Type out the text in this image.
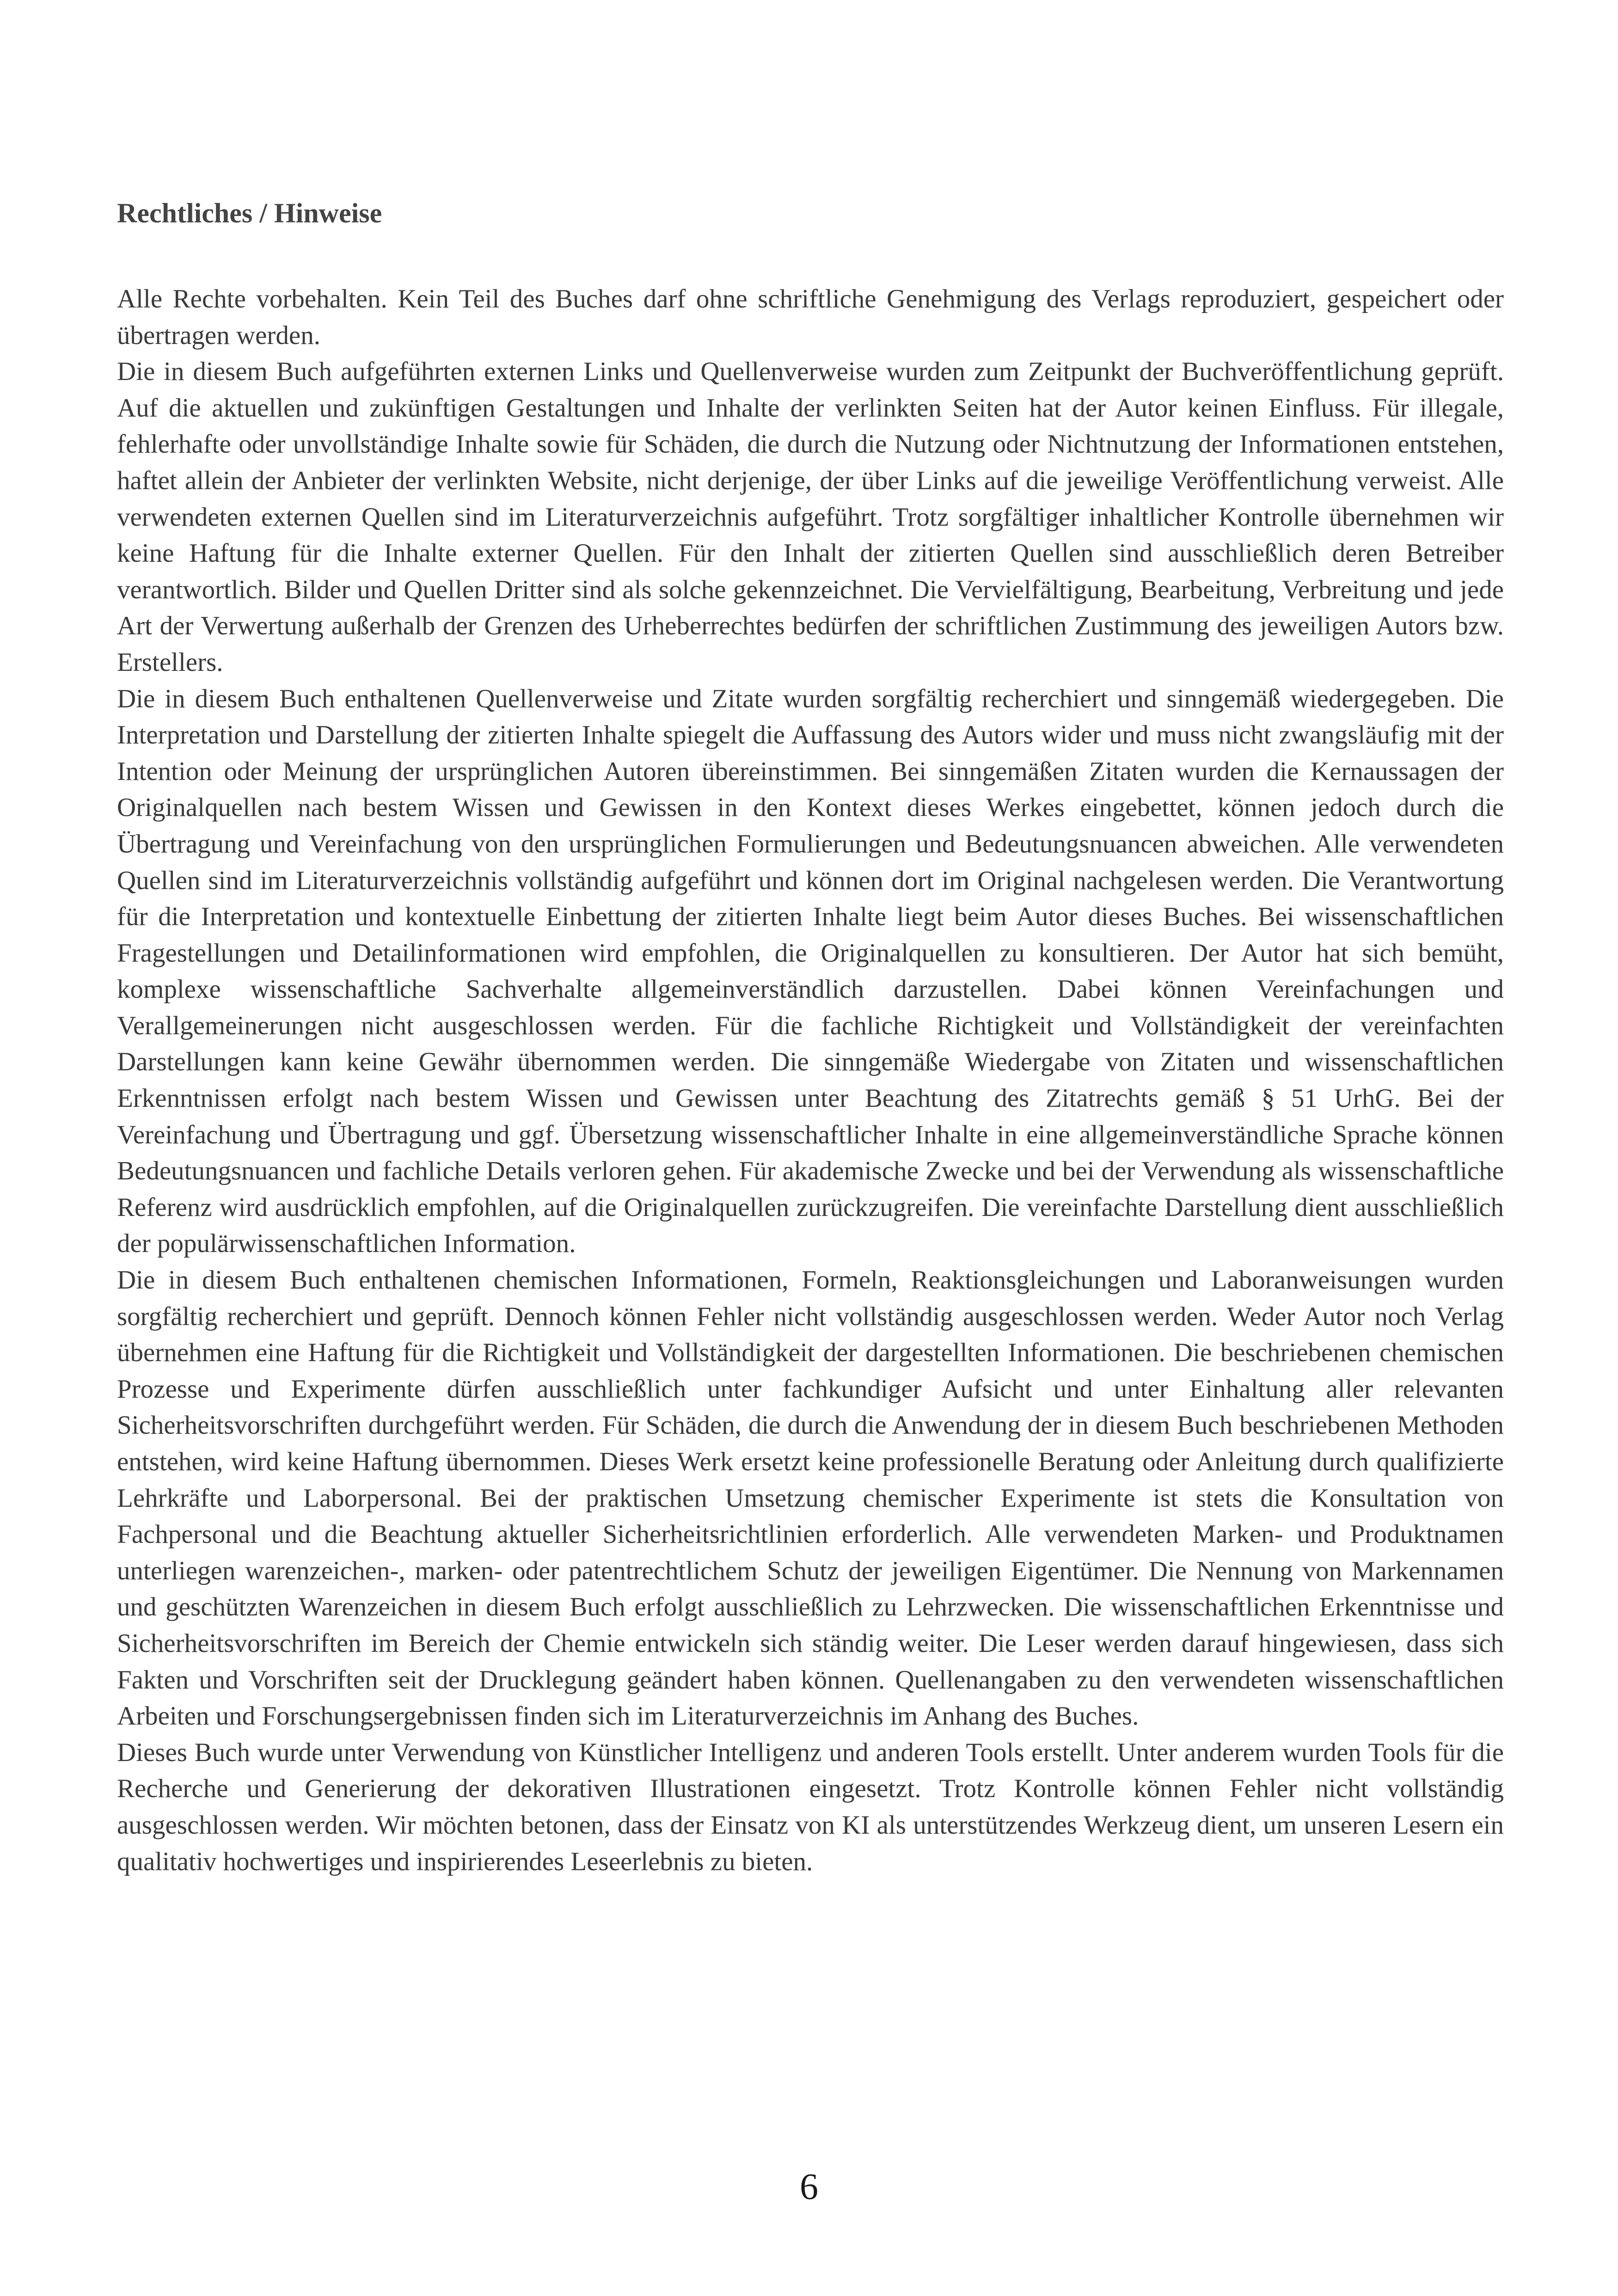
Rechtliches / Hinweise

Alle Rechte vorbehalten. Kein Teil des Buches darf ohne schriftliche Genehmigung des Verlags reproduziert, gespeichert oder übertragen werden.

Die in diesem Buch aufgeführten externen Links und Quellenverweise wurden zum Zeitpunkt der Buchveröffentlichung geprüft. Auf die aktuellen und zukünftigen Gestaltungen und Inhalte der verlinkten Seiten hat der Autor keinen Einfluss. Für illegale, fehlerhafte oder unvollständige Inhalte sowie für Schäden, die durch die Nutzung oder Nichtnutzung der Informationen entstehen, haftet allein der Anbieter der verlinkten Website, nicht derjenige, der über Links auf die jeweilige Veröffentlichung verweist. Alle verwendeten externen Quellen sind im Literaturverzeichnis aufgeführt. Trotz sorgfältiger inhaltlicher Kontrolle übernehmen wir keine Haftung für die Inhalte externer Quellen. Für den Inhalt der zitierten Quellen sind ausschließlich deren Betreiber verantwortlich. Bilder und Quellen Dritter sind als solche gekennzeichnet. Die Vervielfältigung, Bearbeitung, Verbreitung und jede Art der Verwertung außerhalb der Grenzen des Urheberrechtes bedürfen der schriftlichen Zustimmung des jeweiligen Autors bzw. Erstellers.

Die in diesem Buch enthaltenen Quellenverweise und Zitate wurden sorgfältig recherchiert und sinngemäß wiedergegeben. Die Interpretation und Darstellung der zitierten Inhalte spiegelt die Auffassung des Autors wider und muss nicht zwangsläufig mit der Intention oder Meinung der ursprünglichen Autoren übereinstimmen. Bei sinngemäßen Zitaten wurden die Kernaussagen der Originalquellen nach bestem Wissen und Gewissen in den Kontext dieses Werkes eingebettet, können jedoch durch die Übertragung und Vereinfachung von den ursprünglichen Formulierungen und Bedeutungsnuancen abweichen. Alle verwendeten Quellen sind im Literaturverzeichnis vollständig aufgeführt und können dort im Original nachgelesen werden. Die Verantwortung für die Interpretation und kontextuelle Einbettung der zitierten Inhalte liegt beim Autor dieses Buches. Bei wissenschaftlichen Fragestellungen und Detailinformationen wird empfohlen, die Originalquellen zu konsultieren. Der Autor hat sich bemüht, komplexe wissenschaftliche Sachverhalte allgemeinverständlich darzustellen. Dabei können Vereinfachungen und Verallgemeinerungen nicht ausgeschlossen werden. Für die fachliche Richtigkeit und Vollständigkeit der vereinfachten Darstellungen kann keine Gewähr übernommen werden. Die sinngemäße Wiedergabe von Zitaten und wissenschaftlichen Erkenntnissen erfolgt nach bestem Wissen und Gewissen unter Beachtung des Zitatrechts gemäß § 51 UrhG. Bei der Vereinfachung und Übertragung und ggf. Übersetzung wissenschaftlicher Inhalte in eine allgemeinverständliche Sprache können Bedeutungsnuancen und fachliche Details verloren gehen. Für akademische Zwecke und bei der Verwendung als wissenschaftliche Referenz wird ausdrücklich empfohlen, auf die Originalquellen zurückzugreifen. Die vereinfachte Darstellung dient ausschließlich der populärwissenschaftlichen Information.

Die in diesem Buch enthaltenen chemischen Informationen, Formeln, Reaktionsgleichungen und Laboranweisungen wurden sorgfältig recherchiert und geprüft. Dennoch können Fehler nicht vollständig ausgeschlossen werden. Weder Autor noch Verlag übernehmen eine Haftung für die Richtigkeit und Vollständigkeit der dargestellten Informationen. Die beschriebenen chemischen Prozesse und Experimente dürfen ausschließlich unter fachkundiger Aufsicht und unter Einhaltung aller relevanten Sicherheitsvorschriften durchgeführt werden. Für Schäden, die durch die Anwendung der in diesem Buch beschriebenen Methoden entstehen, wird keine Haftung übernommen. Dieses Werk ersetzt keine professionelle Beratung oder Anleitung durch qualifizierte Lehrkräfte und Laborpersonal. Bei der praktischen Umsetzung chemischer Experimente ist stets die Konsultation von Fachpersonal und die Beachtung aktueller Sicherheitsrichtlinien erforderlich. Alle verwendeten Marken- und Produktnamen unterliegen warenzeichen-, marken- oder patentrechtlichem Schutz der jeweiligen Eigentümer. Die Nennung von Markennamen und geschützten Warenzeichen in diesem Buch erfolgt ausschließlich zu Lehrzwecken. Die wissenschaftlichen Erkenntnisse und Sicherheitsvorschriften im Bereich der Chemie entwickeln sich ständig weiter. Die Leser werden darauf hingewiesen, dass sich Fakten und Vorschriften seit der Drucklegung geändert haben können. Quellenangaben zu den verwendeten wissenschaftlichen Arbeiten und Forschungsergebnissen finden sich im Literaturverzeichnis im Anhang des Buches.

Dieses Buch wurde unter Verwendung von Künstlicher Intelligenz und anderen Tools erstellt. Unter anderem wurden Tools für die Recherche und Generierung der dekorativen Illustrationen eingesetzt. Trotz Kontrolle können Fehler nicht vollständig ausgeschlossen werden. Wir möchten betonen, dass der Einsatz von KI als unterstützendes Werkzeug dient, um unseren Lesern ein qualitativ hochwertiges und inspirierendes Leseerlebnis zu bieten.

6
